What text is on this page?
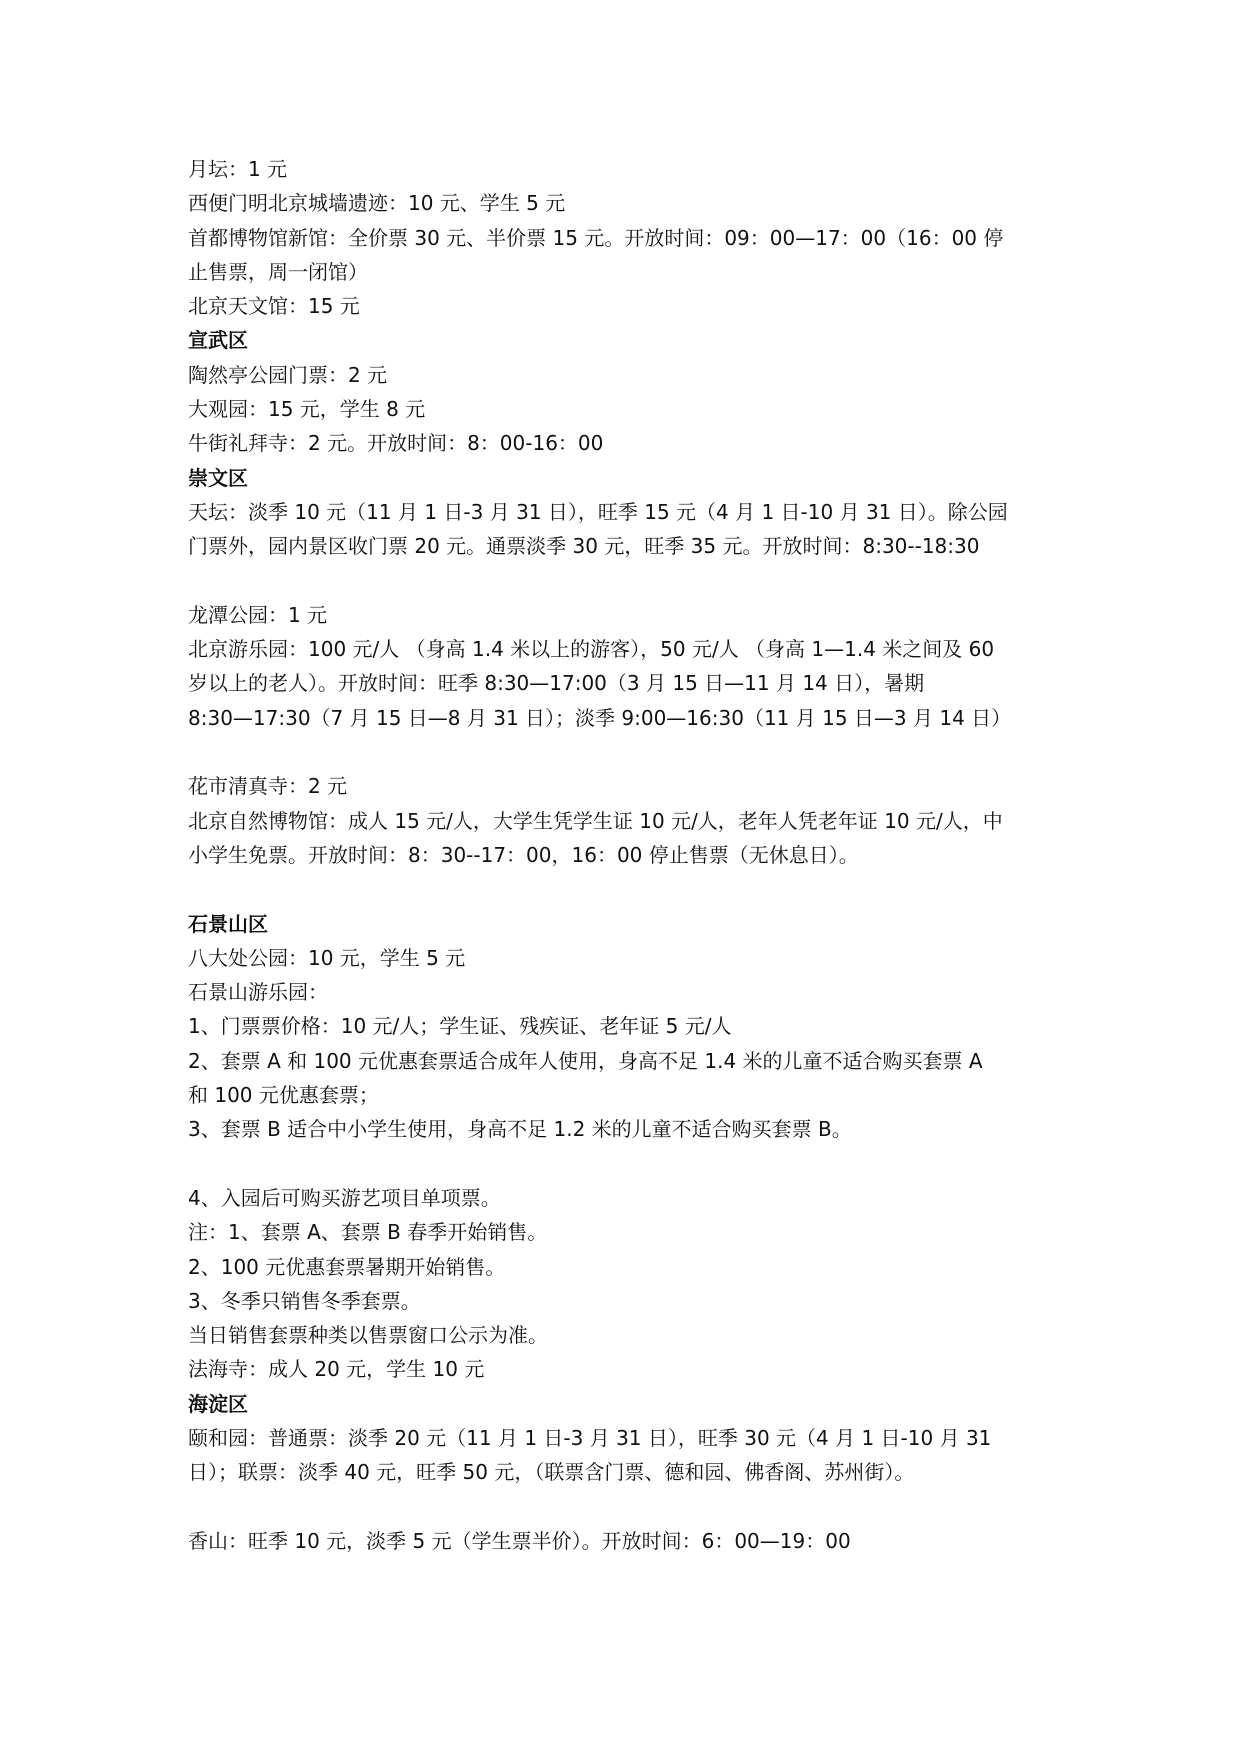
月坛：1 元
西便门明北京城墙遗迹：10 元、学生 5 元
首都博物馆新馆：全价票 30 元、半价票 15 元。开放时间：09：00—17：00（16：00 停
止售票，周一闭馆）
北京天文馆：15 元
宣武区
陶然亭公园门票：2 元
大观园：15 元，学生 8 元
牛街礼拜寺：2 元。开放时间：8：00-16：00
崇文区
天坛：淡季 10 元（11 月 1 日-3 月 31 日），旺季 15 元（4 月 1 日-10 月 31 日）。除公园
门票外，园内景区收门票 20 元。通票淡季 30 元，旺季 35 元。开放时间：8:30--18:30
龙潭公园：1 元
北京游乐园：100 元/人 （身高 1.4 米以上的游客），50 元/人 （身高 1—1.4 米之间及 60
岁以上的老人）。开放时间：旺季 8:30—17:00（3 月 15 日—11 月 14 日），暑期
8:30—17:30（7 月 15 日—8 月 31 日）；淡季 9:00—16:30（11 月 15 日—3 月 14 日）
花市清真寺：2 元
北京自然博物馆：成人 15 元/人，大学生凭学生证 10 元/人，老年人凭老年证 10 元/人，中
小学生免票。开放时间：8：30--17：00，16：00 停止售票（无休息日）。
石景山区
八大处公园：10 元，学生 5 元
石景山游乐园：
1、门票票价格：10 元/人；学生证、残疾证、老年证 5 元/人
2、套票 A 和 100 元优惠套票适合成年人使用，身高不足 1.4 米的儿童不适合购买套票 A
和 100 元优惠套票；
3、套票 B 适合中小学生使用，身高不足 1.2 米的儿童不适合购买套票 B。
4、入园后可购买游艺项目单项票。
注：1、套票 A、套票 B 春季开始销售。
2、100 元优惠套票暑期开始销售。
3、冬季只销售冬季套票。
当日销售套票种类以售票窗口公示为准。
法海寺：成人 20 元，学生 10 元
海淀区
颐和园：普通票：淡季 20 元（11 月 1 日-3 月 31 日），旺季 30 元（4 月 1 日-10 月 31
日）；联票：淡季 40 元，旺季 50 元，（联票含门票、德和园、佛香阁、苏州街）。
香山：旺季 10 元，淡季 5 元（学生票半价）。开放时间：6：00—19：00
